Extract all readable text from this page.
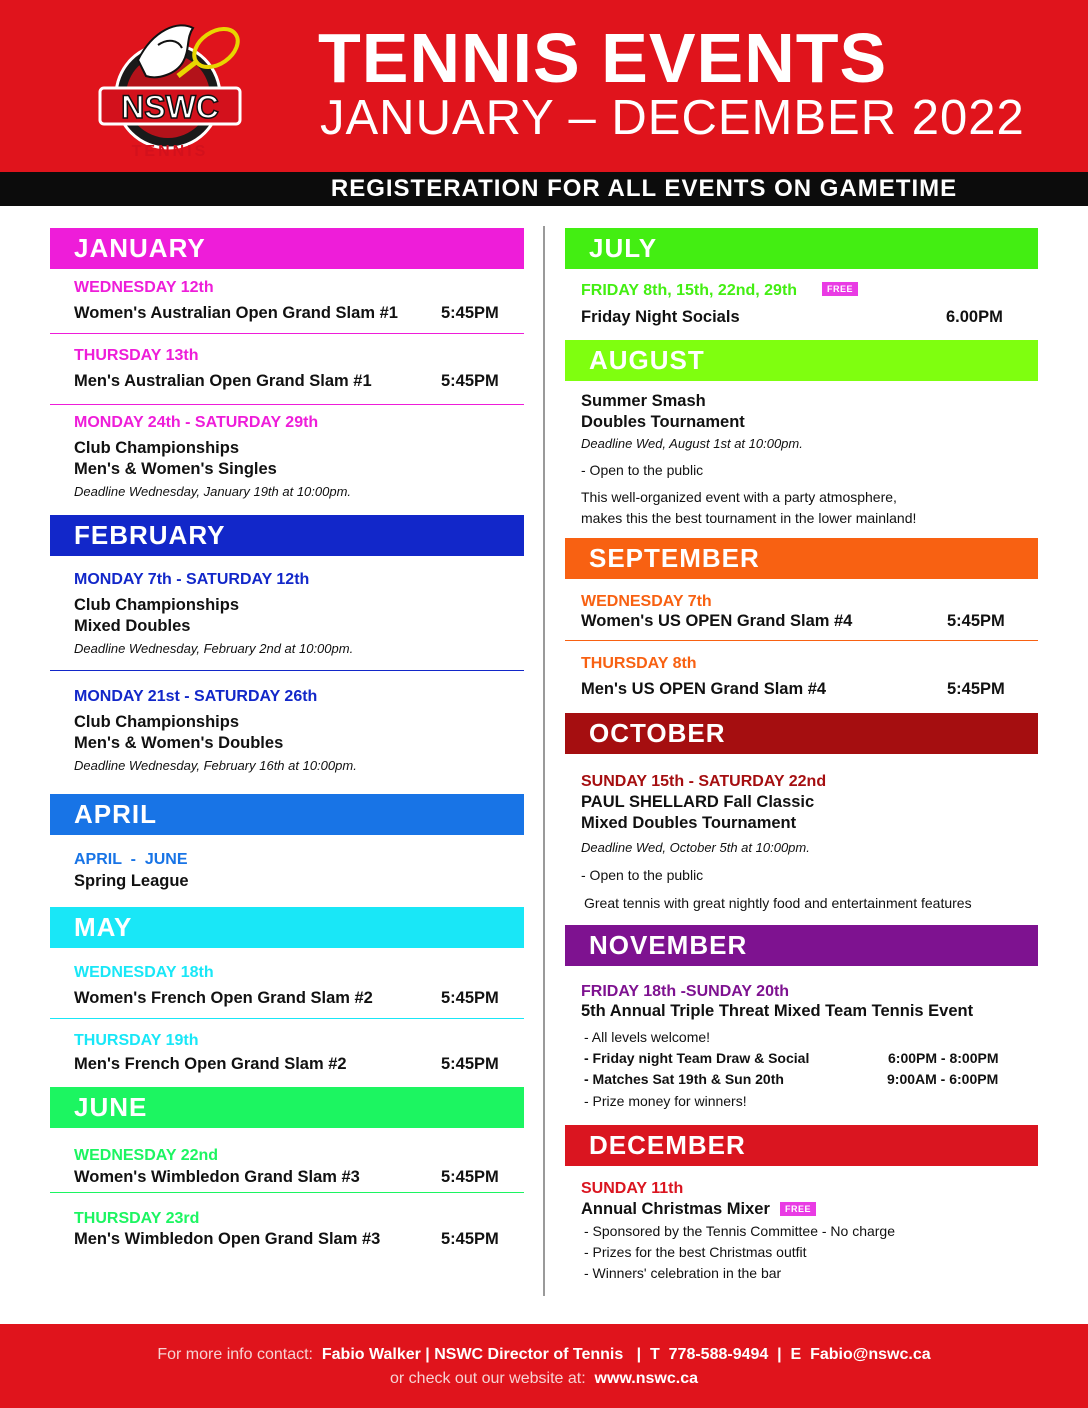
NSWC
TENNIS
TENNIS EVENTS
JANUARY – DECEMBER 2022
REGISTERATION FOR ALL EVENTS ON GAMETIME
JANUARY
WEDNESDAY 12th
Women's Australian Open Grand Slam #1	5:45PM
THURSDAY 13th
Men's Australian Open Grand Slam #1	5:45PM
MONDAY 24th - SATURDAY 29th
Club Championships
Men's & Women's Singles
Deadline Wednesday, January 19th at 10:00pm.
FEBRUARY
MONDAY 7th - SATURDAY 12th
Club Championships
Mixed Doubles
Deadline Wednesday, February 2nd at 10:00pm.
MONDAY 21st - SATURDAY 26th
Club Championships
Men's & Women's Doubles
Deadline Wednesday, February 16th at 10:00pm.
APRIL
APRIL  -  JUNE
Spring League
MAY
WEDNESDAY 18th
Women's French Open Grand Slam #2	5:45PM
THURSDAY 19th
Men's French Open Grand Slam #2	5:45PM
JUNE
WEDNESDAY 22nd
Women's Wimbledon Grand Slam #3	5:45PM
THURSDAY 23rd
Men's Wimbledon Open Grand Slam #3	5:45PM
JULY
FRIDAY 8th, 15th, 22nd, 29th	FREE
Friday Night Socials	6.00PM
AUGUST
Summer Smash
Doubles Tournament
Deadline Wed, August 1st at 10:00pm.
- Open to the public
This well-organized event with a party atmosphere,
makes this the best tournament in the lower mainland!
SEPTEMBER
WEDNESDAY 7th
Women's US OPEN Grand Slam #4	5:45PM
THURSDAY 8th
Men's US OPEN Grand Slam #4	5:45PM
OCTOBER
SUNDAY 15th - SATURDAY 22nd
PAUL SHELLARD Fall Classic
Mixed Doubles Tournament
Deadline Wed, October 5th at 10:00pm.
- Open to the public
Great tennis with great nightly food and entertainment features
NOVEMBER
FRIDAY 18th -SUNDAY 20th
5th Annual Triple Threat Mixed Team Tennis Event
- All levels welcome!
- Friday night Team Draw & Social	6:00PM - 8:00PM
- Matches Sat 19th & Sun 20th	9:00AM - 6:00PM
- Prize money for winners!
DECEMBER
SUNDAY 11th
Annual Christmas Mixer	FREE
- Sponsored by the Tennis Committee - No charge
- Prizes for the best Christmas outfit
- Winners' celebration in the bar
For more info contact: Fabio Walker | NSWC Director of Tennis   |  T  778-588-9494  |  E  Fabio@nswc.ca
or check out our website at: www.nswc.ca
